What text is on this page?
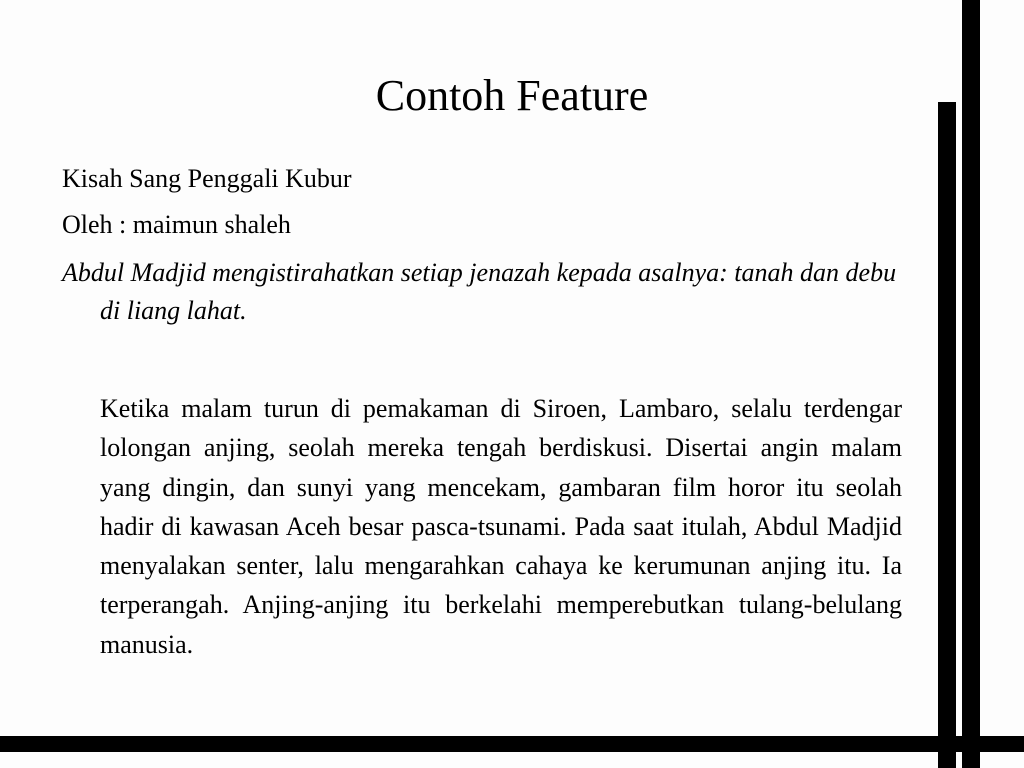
Contoh Feature

Kisah Sang Penggali Kubur

Oleh : maimun shaleh

Abdul Madjid mengistirahatkan setiap jenazah kepada asalnya: tanah dan debu di liang lahat.

Ketika malam turun di pemakaman di Siroen, Lambaro, selalu terdengar lolongan anjing, seolah mereka tengah berdiskusi. Disertai angin malam yang dingin, dan sunyi yang mencekam, gambaran film horor itu seolah hadir di kawasan Aceh besar pasca-tsunami. Pada saat itulah, Abdul Madjid menyalakan senter, lalu mengarahkan cahaya ke kerumunan anjing itu. Ia terperangah. Anjing-anjing itu berkelahi memperebutkan tulang-belulang manusia.
